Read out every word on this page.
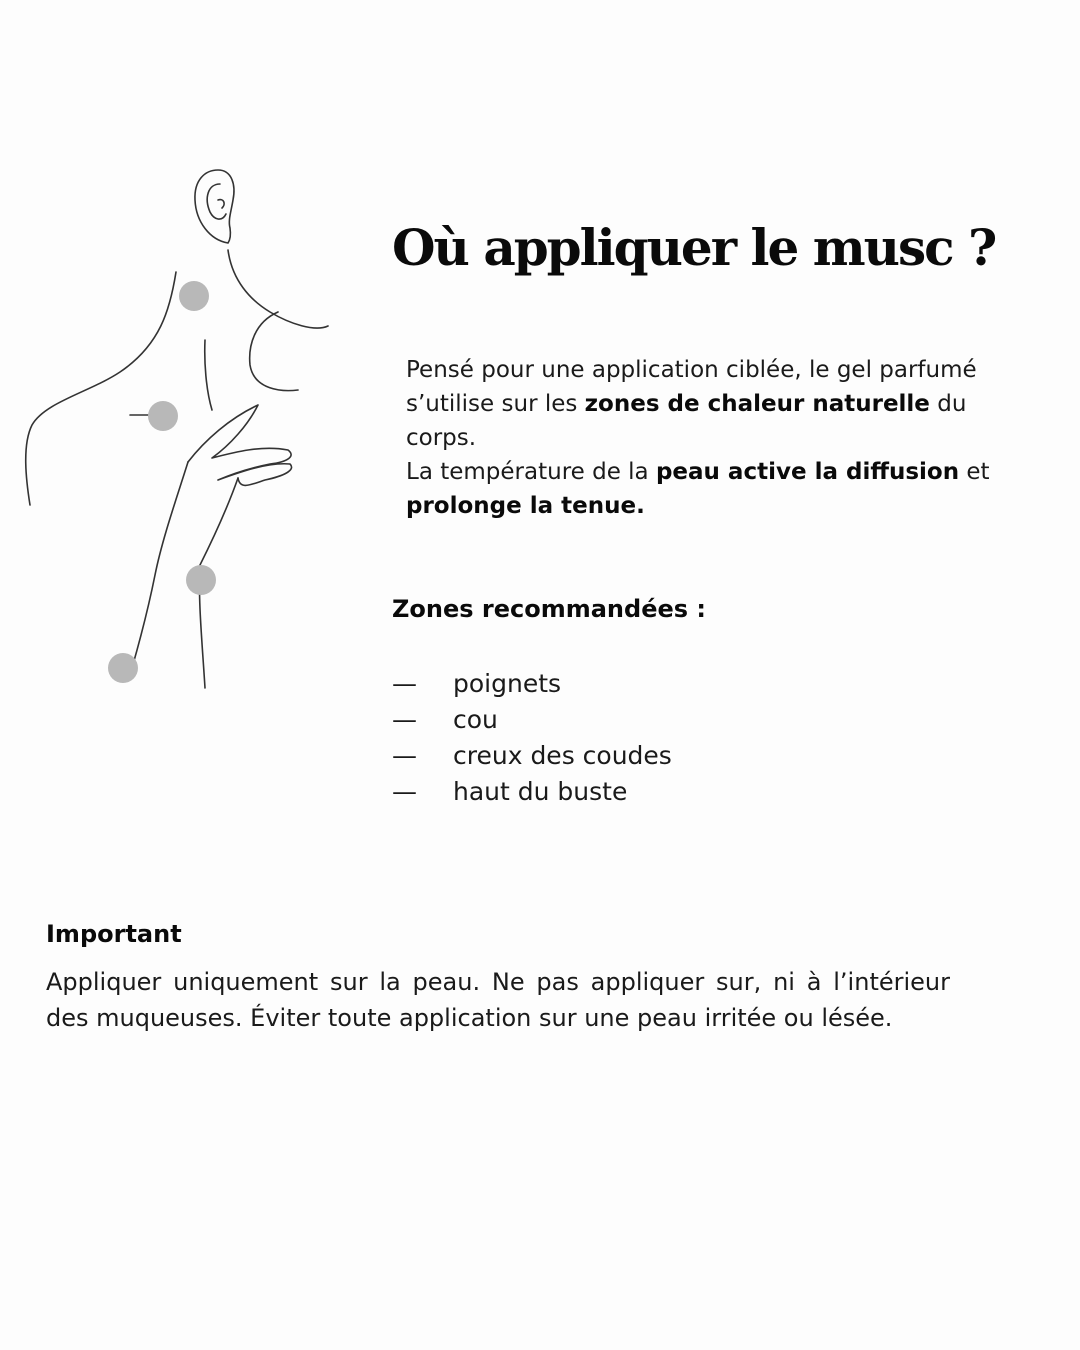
Où appliquer le musc ?

Pensé pour une application ciblée, le gel parfumé s’utilise sur les zones de chaleur naturelle du corps.

La température de la peau active la diffusion et prolonge la tenue.

Zones recommandées :
—	poignets
—	cou
—	creux des coudes
—	haut du buste
Important

Appliquer uniquement sur la peau. Ne pas appliquer sur, ni à l’intérieur des muqueuses. Éviter toute application sur une peau irritée ou lésée.
